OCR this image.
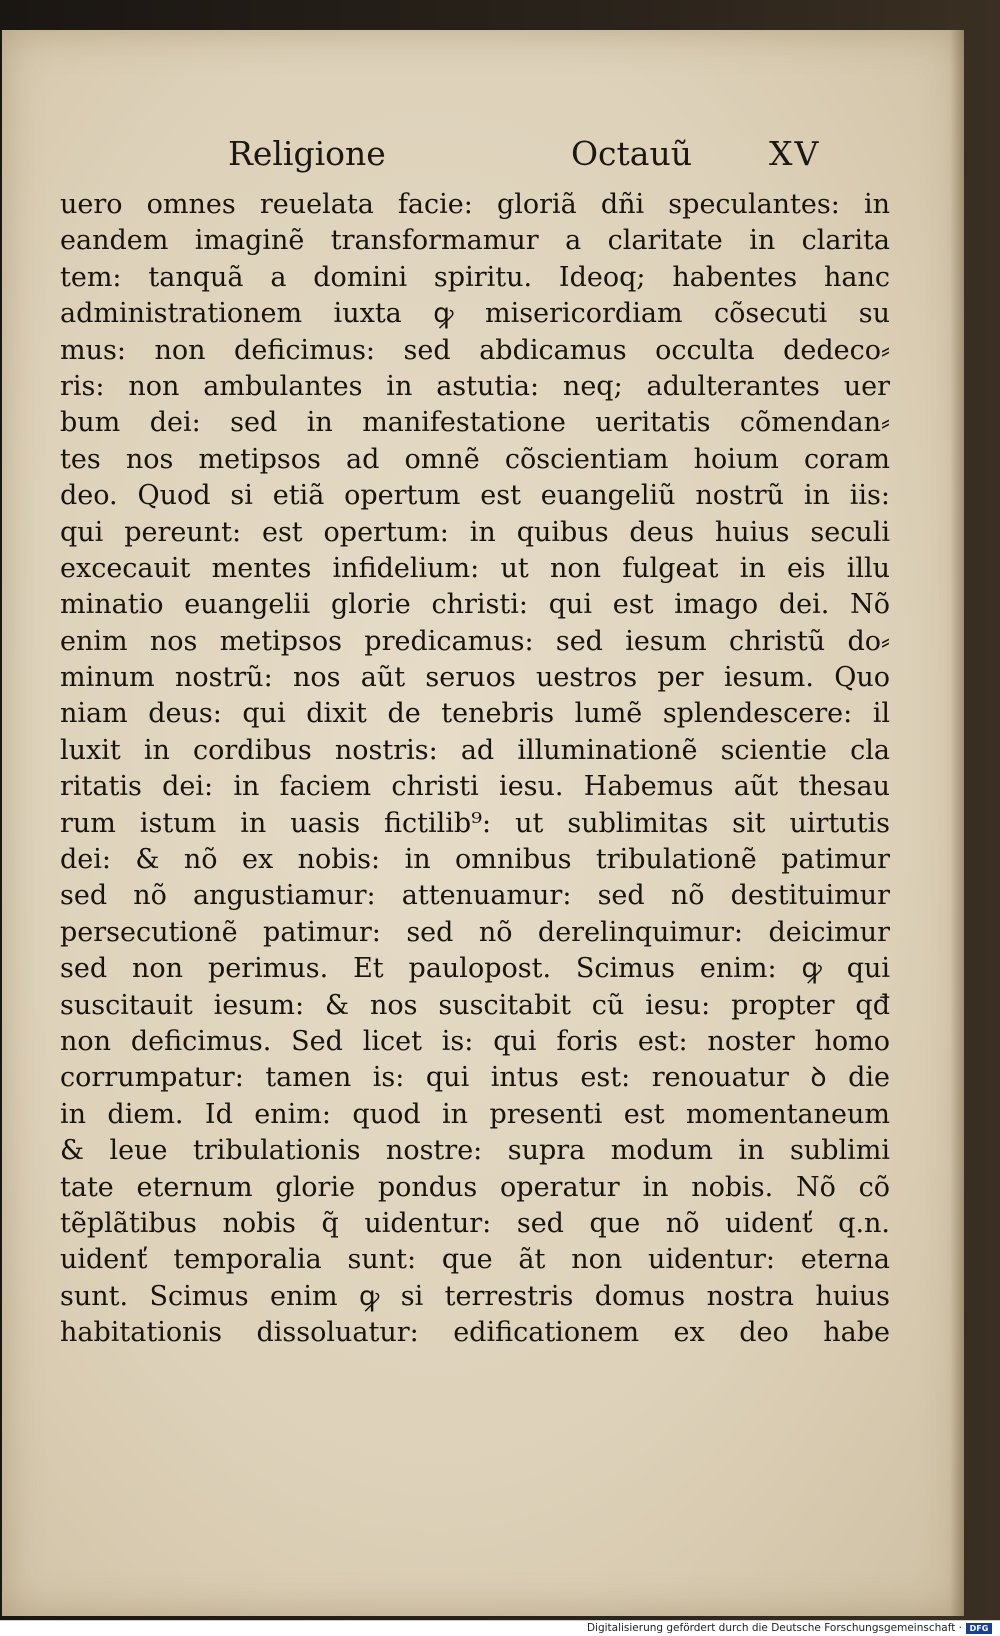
Religione	Octauũ XV
uero omnes reuelata facie: gloriã dñi speculantes: in
eandem imaginẽ transformamur a claritate in clarita
tem: tanquã a domini spiritu. Ideoq; habentes hanc
administrationem iuxta ꝙ misericordiam cõsecuti su
mus: non deficimus: sed abdicamus occulta dedeco⸗
ris: non ambulantes in astutia: neq; adulterantes uer
bum dei: sed in manifestatione ueritatis cõmendan⸗
tes nos metipsos ad omnẽ cõscientiam hoium coram
deo. Quod si etiã opertum est euangeliũ nostrũ in iis:
qui pereunt: est opertum: in quibus deus huius seculi
excecauit mentes infidelium: ut non fulgeat in eis illu
minatio euangelii glorie christi: qui est imago dei. Nõ
enim nos metipsos predicamus: sed iesum christũ do⸗
minum nostrũ: nos aũt seruos uestros per iesum. Quo
niam deus: qui dixit de tenebris lumẽ splendescere: il
luxit in cordibus nostris: ad illuminationẽ scientie cla
ritatis dei: in faciem christi iesu. Habemus aũt thesau
rum istum in uasis fictilib⁹: ut sublimitas sit uirtutis
dei: & nõ ex nobis: in omnibus tribulationẽ patimur
sed nõ angustiamur: attenuamur: sed nõ destituimur
persecutionẽ patimur: sed nõ derelinquimur: deicimur
sed non perimus. Et paulopost. Scimus enim: ꝙ qui
suscitauit iesum: & nos suscitabit cũ iesu: propter qđ
non deficimus. Sed licet is: qui foris est: noster homo
corrumpatur: tamen is: qui intus est: renouatur ꝺ die
in diem. Id enim: quod in presenti est momentaneum
& leue tribulationis nostre: supra modum in sublimi
tate eternum glorie pondus operatur in nobis. Nõ cõ
tẽplãtibus nobis q̃ uidentur: sed que nõ uidenť q.n.
uidenť temporalia sunt: que ãt non uidentur: eterna
sunt. Scimus enim ꝙ si terrestris domus nostra huius
habitationis dissoluatur: edificationem ex deo habe
Digitalisierung gefördert durch die Deutsche Forschungsgemeinschaft · DFG
